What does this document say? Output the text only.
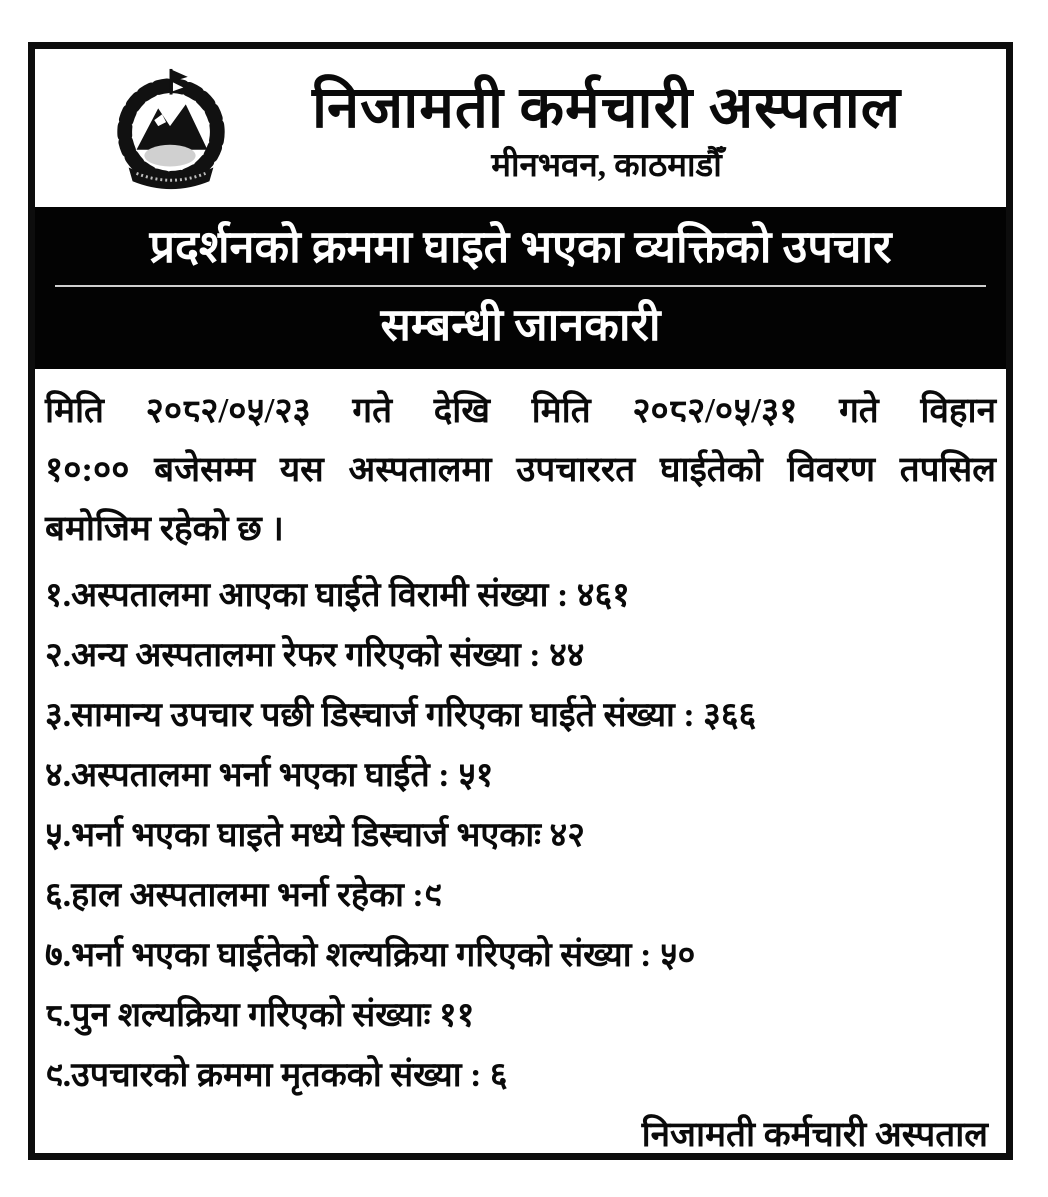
निजामती कर्मचारी अस्पताल
मीनभवन, काठमाडौँ
प्रदर्शनको क्रममा घाइते भएका व्यक्तिको उपचार
सम्बन्धी जानकारी
मिति २०८२/०५/२३ गते देखि मिति २०८२/०५/३१ गते विहान
१०:०० बजेसम्म यस अस्पतालमा उपचाररत घाईतेको विवरण तपसिल
बमोजिम रहेको छ ।
१.अस्पतालमा आएका घाईते विरामी संख्या : ४६१
२.अन्य अस्पतालमा रेफर गरिएको संख्या : ४४
३.सामान्य उपचार पछी डिस्चार्ज गरिएका घाईते संख्या : ३६६
४.अस्पतालमा भर्ना भएका घाईते : ५१
५.भर्ना भएका घाइते मध्ये डिस्चार्ज भएकाः ४२
६.हाल अस्पतालमा भर्ना रहेका :९
७.भर्ना भएका घाईतेको शल्यक्रिया गरिएको संख्या : ५०
८.पुन शल्यक्रिया गरिएको संख्याः ११
९.उपचारको क्रममा मृतकको संख्या : ६
निजामती कर्मचारी अस्पताल
